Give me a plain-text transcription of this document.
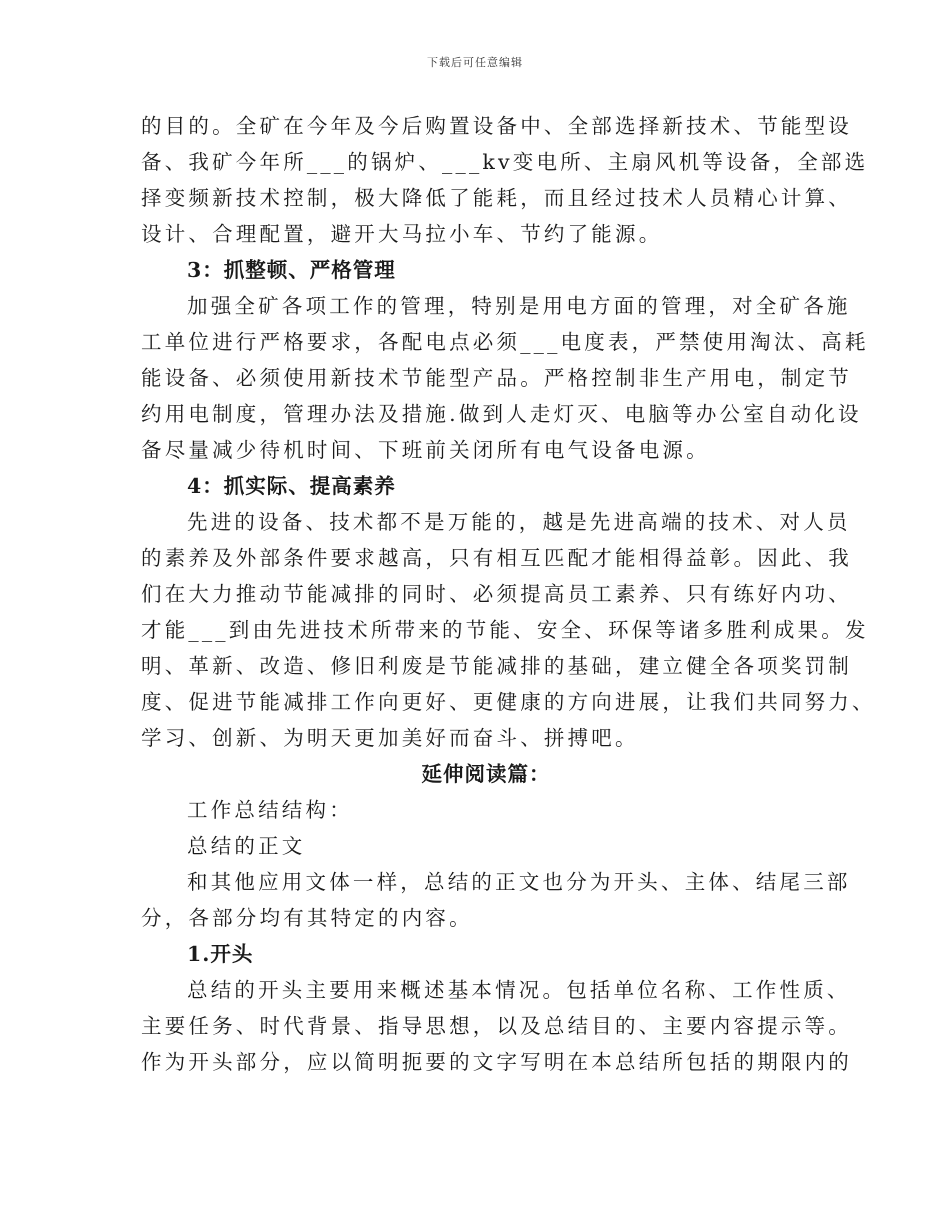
下载后可任意编辑
的目的。全矿在今年及今后购置设备中、全部选择新技术、节能型设
备、我矿今年所___的锅炉、___kv变电所、主扇风机等设备，全部选
择变频新技术控制，极大降低了能耗，而且经过技术人员精心计算、
设计、合理配置，避开大马拉小车、节约了能源。
3：抓整顿、严格管理
加强全矿各项工作的管理，特别是用电方面的管理，对全矿各施
工单位进行严格要求，各配电点必须___电度表，严禁使用淘汰、高耗
能设备、必须使用新技术节能型产品。严格控制非生产用电，制定节
约用电制度，管理办法及措施.做到人走灯灭、电脑等办公室自动化设
备尽量减少待机时间、下班前关闭所有电气设备电源。
4：抓实际、提高素养
先进的设备、技术都不是万能的，越是先进高端的技术、对人员
的素养及外部条件要求越高，只有相互匹配才能相得益彰。因此、我
们在大力推动节能减排的同时、必须提高员工素养、只有练好内功、
才能___到由先进技术所带来的节能、安全、环保等诸多胜利成果。发
明、革新、改造、修旧利废是节能减排的基础，建立健全各项奖罚制
度、促进节能减排工作向更好、更健康的方向进展，让我们共同努力、
学习、创新、为明天更加美好而奋斗、拼搏吧。
延伸阅读篇：
工作总结结构：
总结的正文
和其他应用文体一样，总结的正文也分为开头、主体、结尾三部
分，各部分均有其特定的内容。
1.开头
总结的开头主要用来概述基本情况。包括单位名称、工作性质、
主要任务、时代背景、指导思想，以及总结目的、主要内容提示等。
作为开头部分，应以简明扼要的文字写明在本总结所包括的期限内的
